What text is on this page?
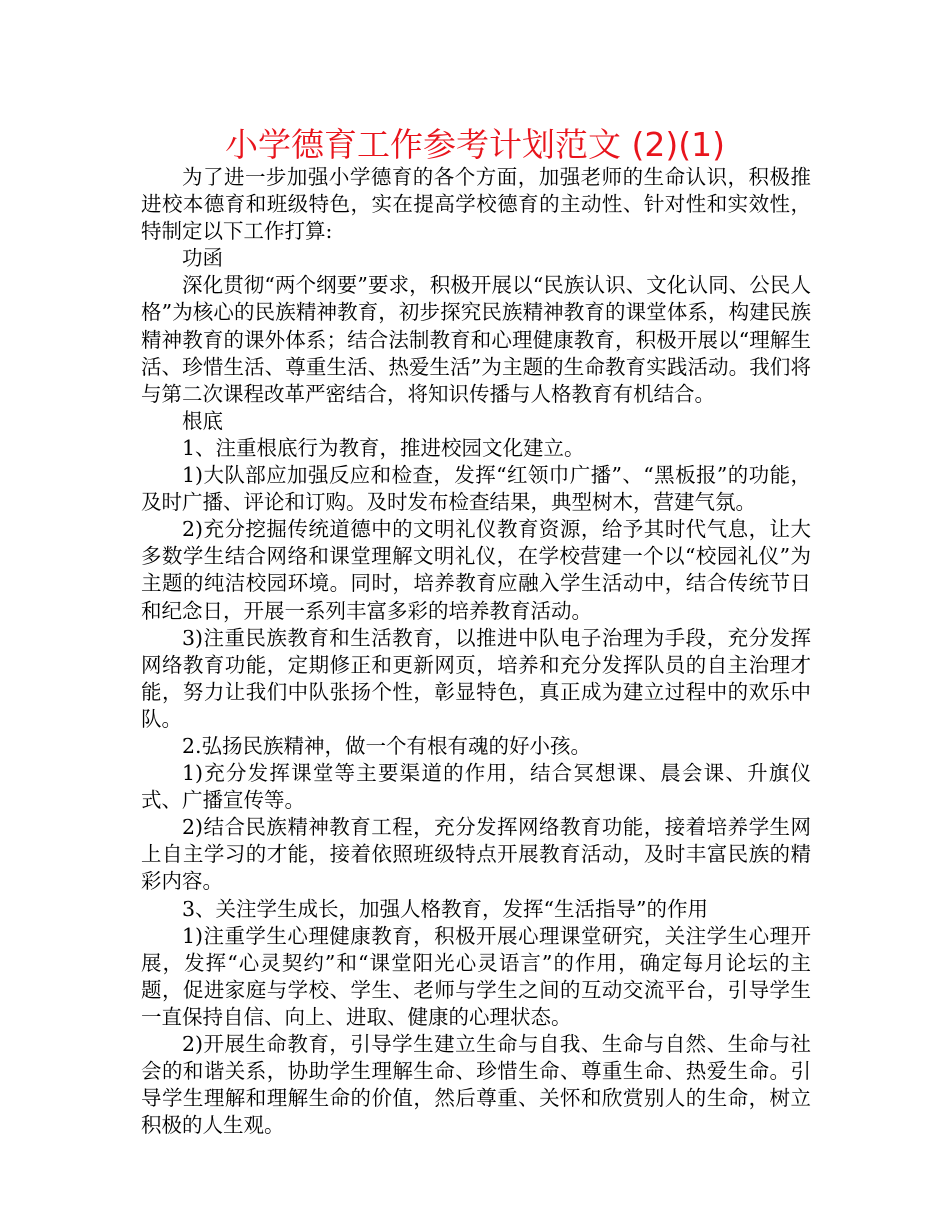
小学德育工作参考计划范文 (2)(1)

为了进一步加强小学德育的各个方面，加强老师的生命认识，积极推进校本德育和班级特色，实在提高学校德育的主动性、针对性和实效性，特制定以下工作打算:

功函

深化贯彻“两个纲要”要求，积极开展以“民族认识、文化认同、公民人格”为核心的民族精神教育，初步探究民族精神教育的课堂体系，构建民族精神教育的课外体系；结合法制教育和心理健康教育，积极开展以“理解生活、珍惜生活、尊重生活、热爱生活”为主题的生命教育实践活动。我们将与第二次课程改革严密结合，将知识传播与人格教育有机结合。

根底

1、注重根底行为教育，推进校园文化建立。

1)大队部应加强反应和检查，发挥“红领巾广播”、“黑板报”的功能，及时广播、评论和订购。及时发布检查结果，典型树木，营建气氛。

2)充分挖掘传统道德中的文明礼仪教育资源，给予其时代气息，让大多数学生结合网络和课堂理解文明礼仪，在学校营建一个以“校园礼仪”为主题的纯洁校园环境。同时，培养教育应融入学生活动中，结合传统节日和纪念日，开展一系列丰富多彩的培养教育活动。

3)注重民族教育和生活教育，以推进中队电子治理为手段，充分发挥网络教育功能，定期修正和更新网页，培养和充分发挥队员的自主治理才能，努力让我们中队张扬个性，彰显特色，真正成为建立过程中的欢乐中队。

2.弘扬民族精神，做一个有根有魂的好小孩。

1)充分发挥课堂等主要渠道的作用，结合冥想课、晨会课、升旗仪式、广播宣传等。

2)结合民族精神教育工程，充分发挥网络教育功能，接着培养学生网上自主学习的才能，接着依照班级特点开展教育活动，及时丰富民族的精彩内容。

3、关注学生成长，加强人格教育，发挥“生活指导”的作用

1)注重学生心理健康教育，积极开展心理课堂研究，关注学生心理开展，发挥“心灵契约”和“课堂阳光心灵语言”的作用，确定每月论坛的主题，促进家庭与学校、学生、老师与学生之间的互动交流平台，引导学生一直保持自信、向上、进取、健康的心理状态。

2)开展生命教育，引导学生建立生命与自我、生命与自然、生命与社会的和谐关系，协助学生理解生命、珍惜生命、尊重生命、热爱生命。引导学生理解和理解生命的价值，然后尊重、关怀和欣赏别人的生命，树立积极的人生观。
